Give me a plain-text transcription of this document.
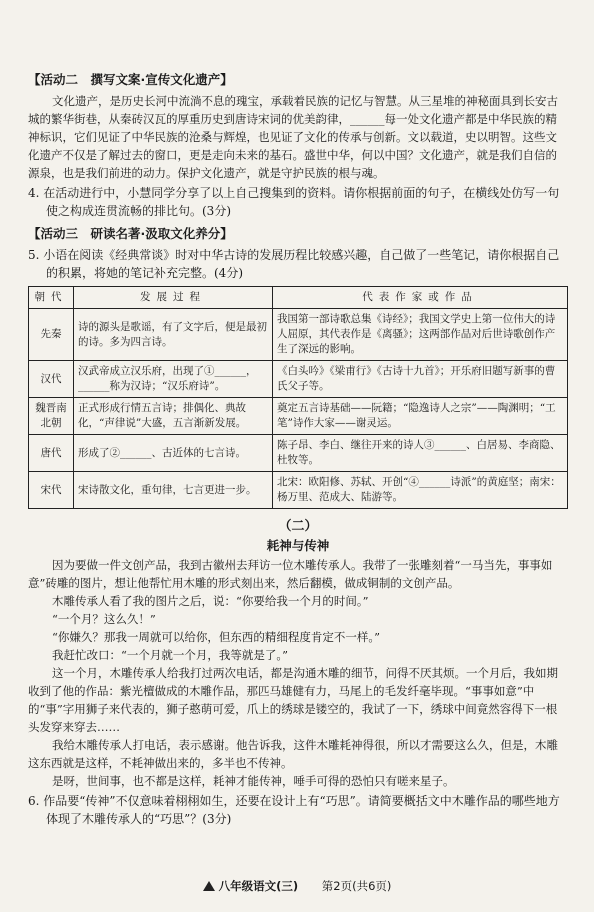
【活动二　撰写文案·宣传文化遗产】

文化遗产，是历史长河中流淌不息的瑰宝，承载着民族的记忆与智慧。从三星堆的神秘面具到长安古城的繁华街巷，从秦砖汉瓦的厚重历史到唐诗宋词的优美韵律，______每一处文化遗产都是中华民族的精神标识，它们见证了中华民族的沧桑与辉煌，也见证了文化的传承与创新。文以载道，史以明智。这些文化遗产不仅是了解过去的窗口，更是走向未来的基石。盛世中华，何以中国？文化遗产，就是我们自信的源泉，也是我们前进的动力。保护文化遗产，就是守护民族的根与魂。

4. 在活动进行中，小慧同学分享了以上自己搜集到的资料。请你根据前面的句子，在横线处仿写一句使之构成连贯流畅的排比句。(3分)

【活动三　研读名著·汲取文化养分】

5. 小语在阅读《经典常谈》时对中华古诗的发展历程比较感兴趣，自己做了一些笔记，请你根据自己的积累，将她的笔记补充完整。(4分)

朝代	发展过程	代表作家或作品
先秦	诗的源头是歌谣，有了文字后，便是最初的诗。多为四言诗。	我国第一部诗歌总集《诗经》；我国文学史上第一位伟大的诗人屈原，其代表作是《离骚》；这两部作品对后世诗歌创作产生了深远的影响。
汉代	汉武帝成立汉乐府，出现了①______，______称为汉诗；“汉乐府诗”。	《白头吟》《梁甫行》《古诗十九首》；开乐府旧题写新事的曹氏父子等。
魏晋南北朝	正式形成行情五言诗；排偶化、典故化，“声律说”大盛，五言渐新发展。	奠定五言诗基础——阮籍；“隐逸诗人之宗”——陶渊明；“工笔”诗作大家——谢灵运。
唐代	形成了②______、古近体的七言诗。	陈子昂、李白、继往开来的诗人③______、白居易、李商隐、杜牧等。
宋代	宋诗散文化，重句律，七言更进一步。	北宋：欧阳修、苏轼、开创“④______诗派”的黄庭坚；南宋：杨万里、范成大、陆游等。
（二）
耗神与传神

因为要做一件文创产品，我到古徽州去拜访一位木雕传承人。我带了一张雕刻着“一马当先，事事如意”砖雕的图片，想让他帮忙用木雕的形式刻出来，然后翻模，做成铜制的文创产品。

木雕传承人看了我的图片之后，说：“你要给我一个月的时间。”

“一个月？这么久！”

“你嫌久？那我一周就可以给你，但东西的精细程度肯定不一样。”

我赶忙改口：“一个月就一个月，我等就是了。”

这一个月，木雕传承人给我打过两次电话，都是沟通木雕的细节，问得不厌其烦。一个月后，我如期收到了他的作品：紫光檀做成的木雕作品，那匹马雄健有力，马尾上的毛发纤毫毕现。“事事如意”中的“事”字用狮子来代表的，狮子憨萌可爱，爪上的绣球是镂空的，我试了一下，绣球中间竟然容得下一根头发穿来穿去……

我给木雕传承人打电话，表示感谢。他告诉我，这件木雕耗神得很，所以才需要这么久，但是，木雕这东西就是这样，不耗神做出来的，多半也不传神。

是呀，世间事，也不都是这样，耗神才能传神，唾手可得的恐怕只有嗟来星子。

6. 作品要“传神”不仅意味着栩栩如生，还要在设计上有“巧思”。请简要概括文中木雕作品的哪些地方体现了木雕传承人的“巧思”？(3分)

八年级语文(三) 第2页(共6页)
